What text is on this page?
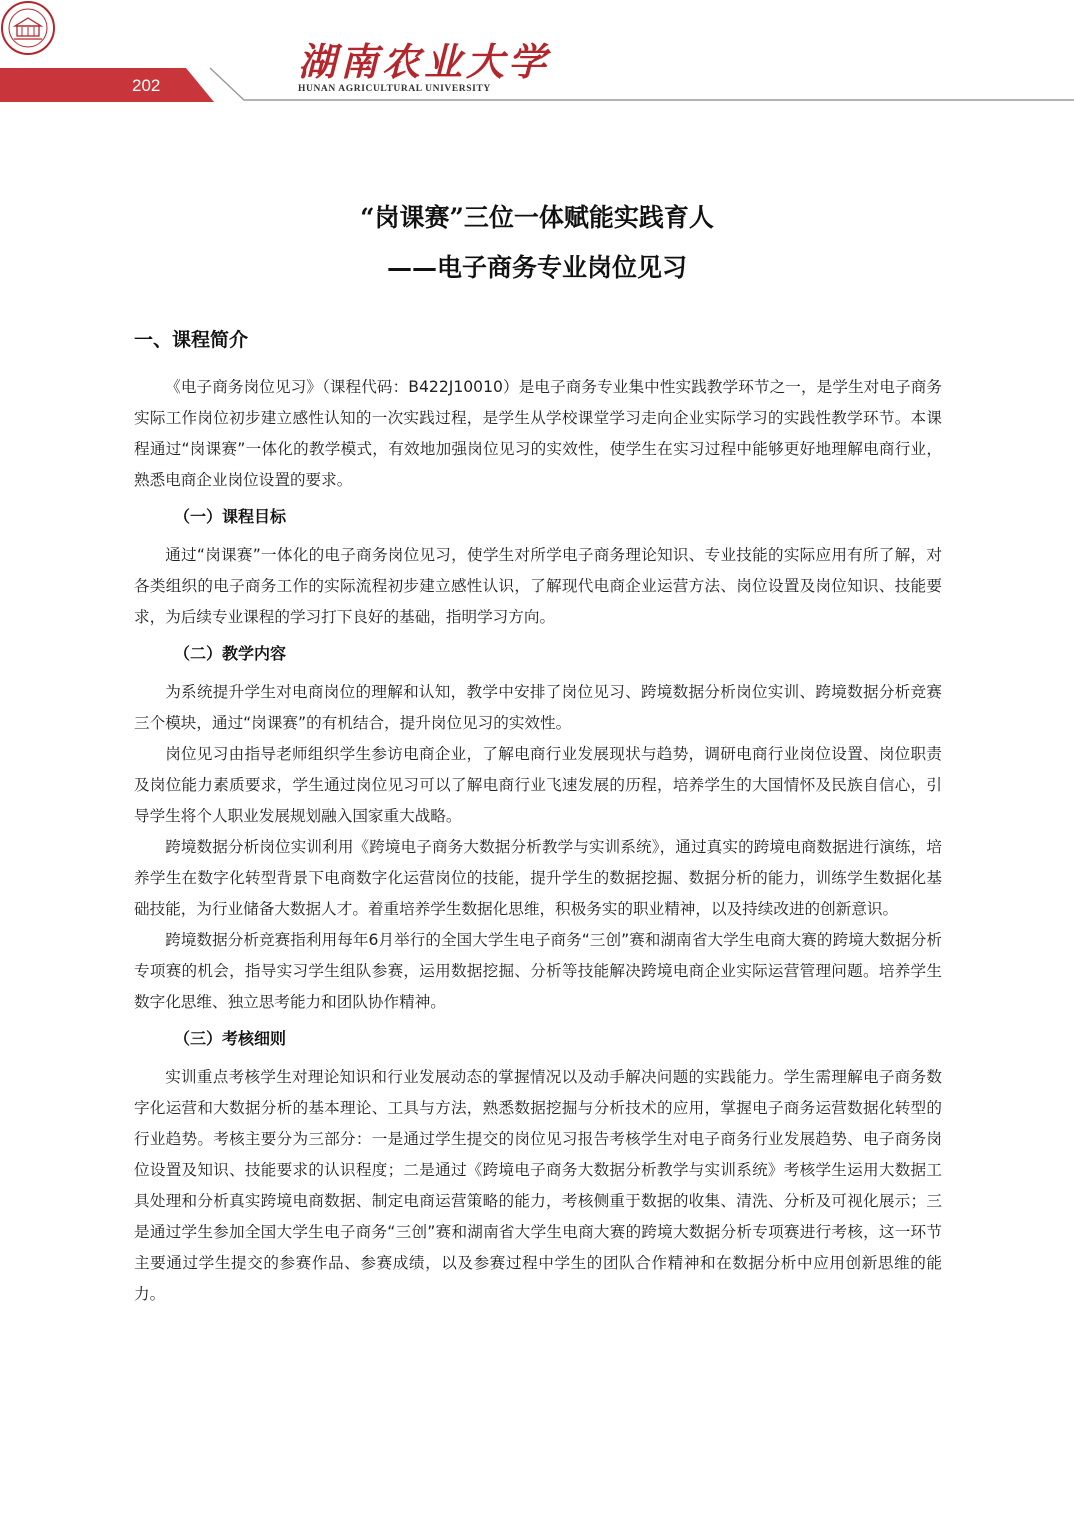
202
湖南农业大学
HUNAN AGRICULTURAL UNIVERSITY
“岗课赛”三位一体赋能实践育人
——电子商务专业岗位见习
一、课程简介

《电子商务岗位见习》（课程代码：B422J10010）是电子商务专业集中性实践教学环节之一，是学生对电子商务实际工作岗位初步建立感性认知的一次实践过程，是学生从学校课堂学习走向企业实际学习的实践性教学环节。本课程通过“岗课赛”一体化的教学模式，有效地加强岗位见习的实效性，使学生在实习过程中能够更好地理解电商行业，熟悉电商企业岗位设置的要求。

（一）课程目标

通过“岗课赛”一体化的电子商务岗位见习，使学生对所学电子商务理论知识、专业技能的实际应用有所了解，对各类组织的电子商务工作的实际流程初步建立感性认识，了解现代电商企业运营方法、岗位设置及岗位知识、技能要求，为后续专业课程的学习打下良好的基础，指明学习方向。

（二）教学内容

为系统提升学生对电商岗位的理解和认知，教学中安排了岗位见习、跨境数据分析岗位实训、跨境数据分析竞赛三个模块，通过“岗课赛”的有机结合，提升岗位见习的实效性。

岗位见习由指导老师组织学生参访电商企业，了解电商行业发展现状与趋势，调研电商行业岗位设置、岗位职责及岗位能力素质要求，学生通过岗位见习可以了解电商行业飞速发展的历程，培养学生的大国情怀及民族自信心，引导学生将个人职业发展规划融入国家重大战略。

跨境数据分析岗位实训利用《跨境电子商务大数据分析教学与实训系统》，通过真实的跨境电商数据进行演练，培养学生在数字化转型背景下电商数字化运营岗位的技能，提升学生的数据挖掘、数据分析的能力，训练学生数据化基础技能，为行业储备大数据人才。着重培养学生数据化思维，积极务实的职业精神，以及持续改进的创新意识。

跨境数据分析竞赛指利用每年6月举行的全国大学生电子商务“三创”赛和湖南省大学生电商大赛的跨境大数据分析专项赛的机会，指导实习学生组队参赛，运用数据挖掘、分析等技能解决跨境电商企业实际运营管理问题。培养学生数字化思维、独立思考能力和团队协作精神。

（三）考核细则

实训重点考核学生对理论知识和行业发展动态的掌握情况以及动手解决问题的实践能力。学生需理解电子商务数字化运营和大数据分析的基本理论、工具与方法，熟悉数据挖掘与分析技术的应用，掌握电子商务运营数据化转型的行业趋势。考核主要分为三部分：一是通过学生提交的岗位见习报告考核学生对电子商务行业发展趋势、电子商务岗位设置及知识、技能要求的认识程度；二是通过《跨境电子商务大数据分析教学与实训系统》考核学生运用大数据工具处理和分析真实跨境电商数据、制定电商运营策略的能力，考核侧重于数据的收集、清洗、分析及可视化展示；三是通过学生参加全国大学生电子商务“三创”赛和湖南省大学生电商大赛的跨境大数据分析专项赛进行考核，这一环节主要通过学生提交的参赛作品、参赛成绩，以及参赛过程中学生的团队合作精神和在数据分析中应用创新思维的能力。
